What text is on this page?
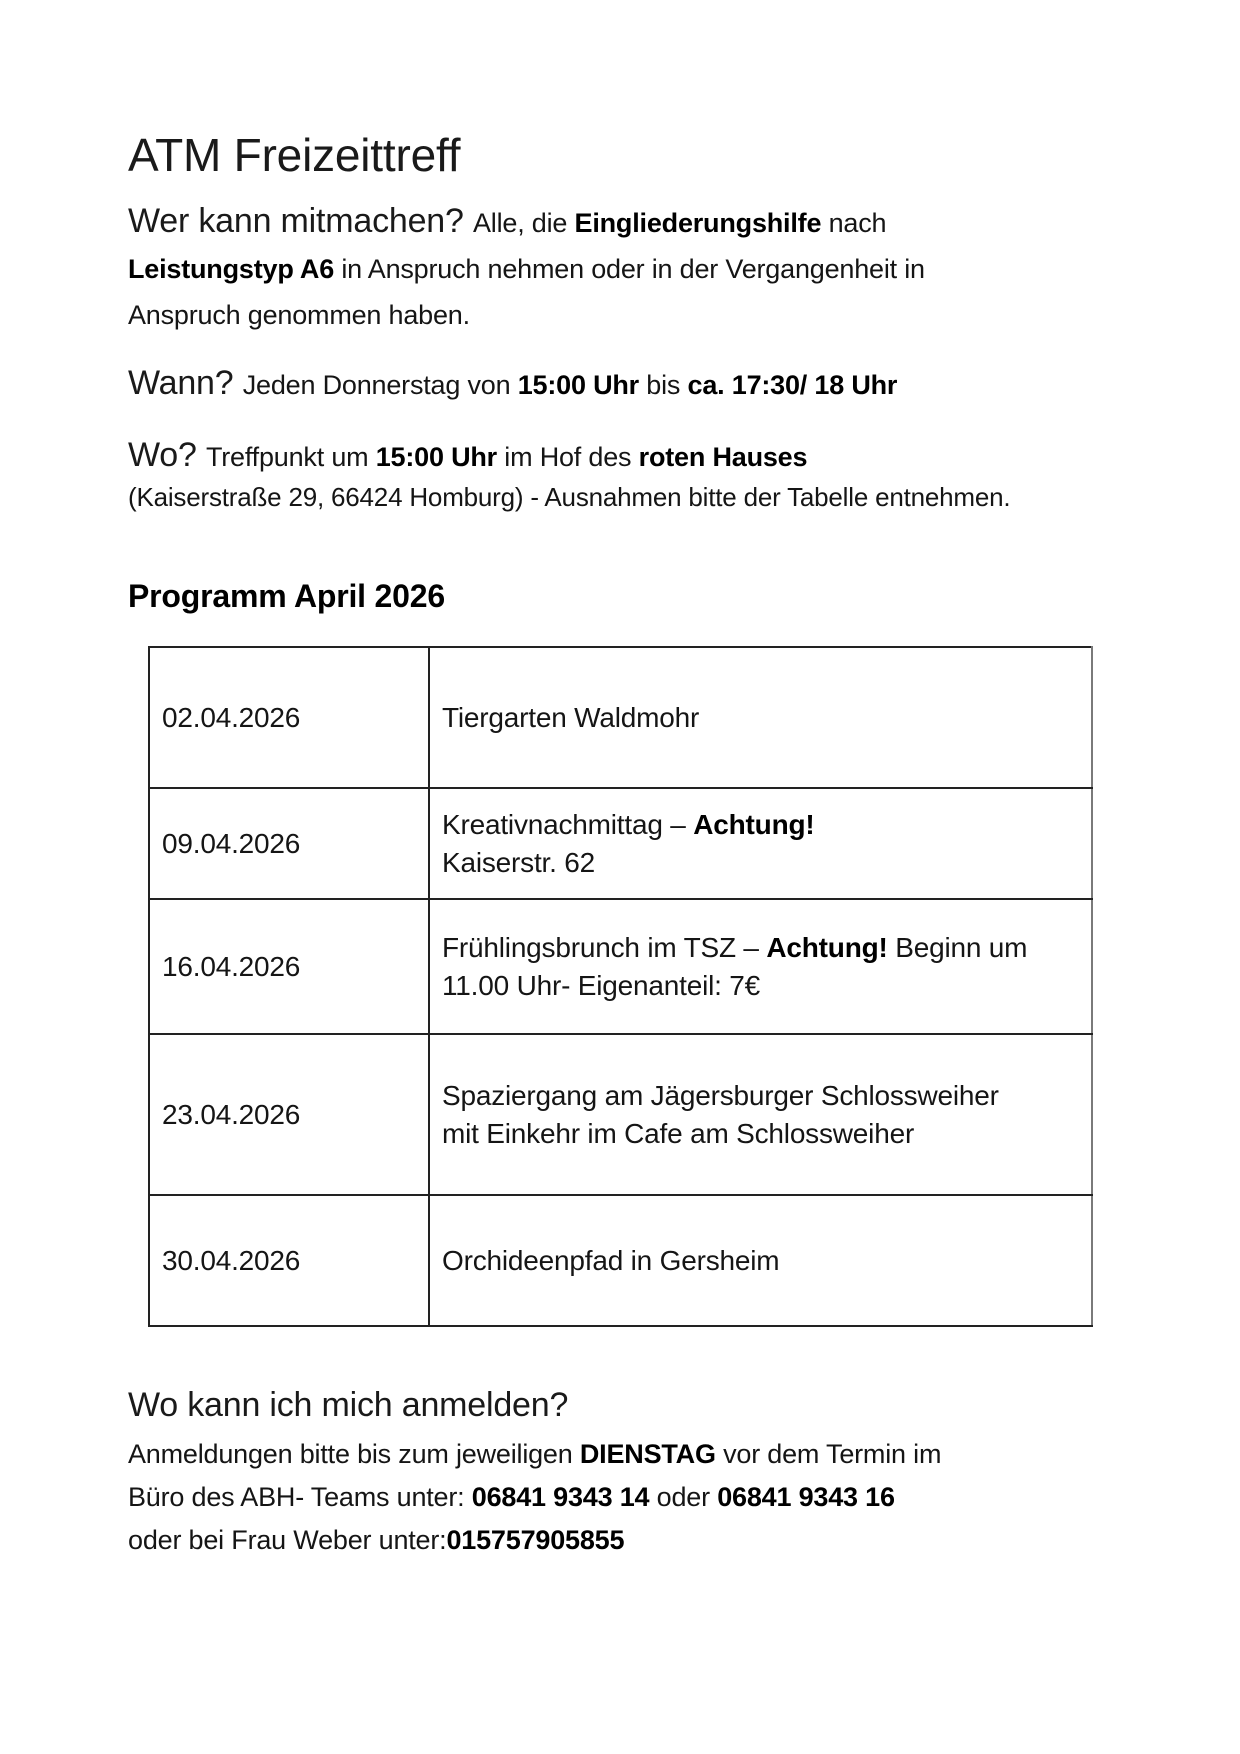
ATM Freizeittreff
Wer kann mitmachen? Alle, die Eingliederungshilfe nach
Leistungstyp A6 in Anspruch nehmen oder in der Vergangenheit in
Anspruch genommen haben.
Wann? Jeden Donnerstag von 15:00 Uhr bis ca. 17:30/ 18 Uhr
Wo? Treffpunkt um 15:00 Uhr im Hof des roten Hauses
(Kaiserstraße 29, 66424 Homburg) - Ausnahmen bitte der Tabelle entnehmen.
Programm April 2026
02.04.2026	Tiergarten Waldmohr

09.04.2026	Kreativnachmittag – Achtung!
Kaiserstr. 62

16.04.2026	Frühlingsbrunch im TSZ – Achtung! Beginn um
11.00 Uhr- Eigenanteil: 7€

23.04.2026	Spaziergang am Jägersburger Schlossweiher
mit Einkehr im Cafe am Schlossweiher

30.04.2026	Orchideenpfad in Gersheim
Wo kann ich mich anmelden?
Anmeldungen bitte bis zum jeweiligen DIENSTAG vor dem Termin im
Büro des ABH- Teams unter: 06841 9343 14 oder 06841 9343 16
oder bei Frau Weber unter:015757905855
